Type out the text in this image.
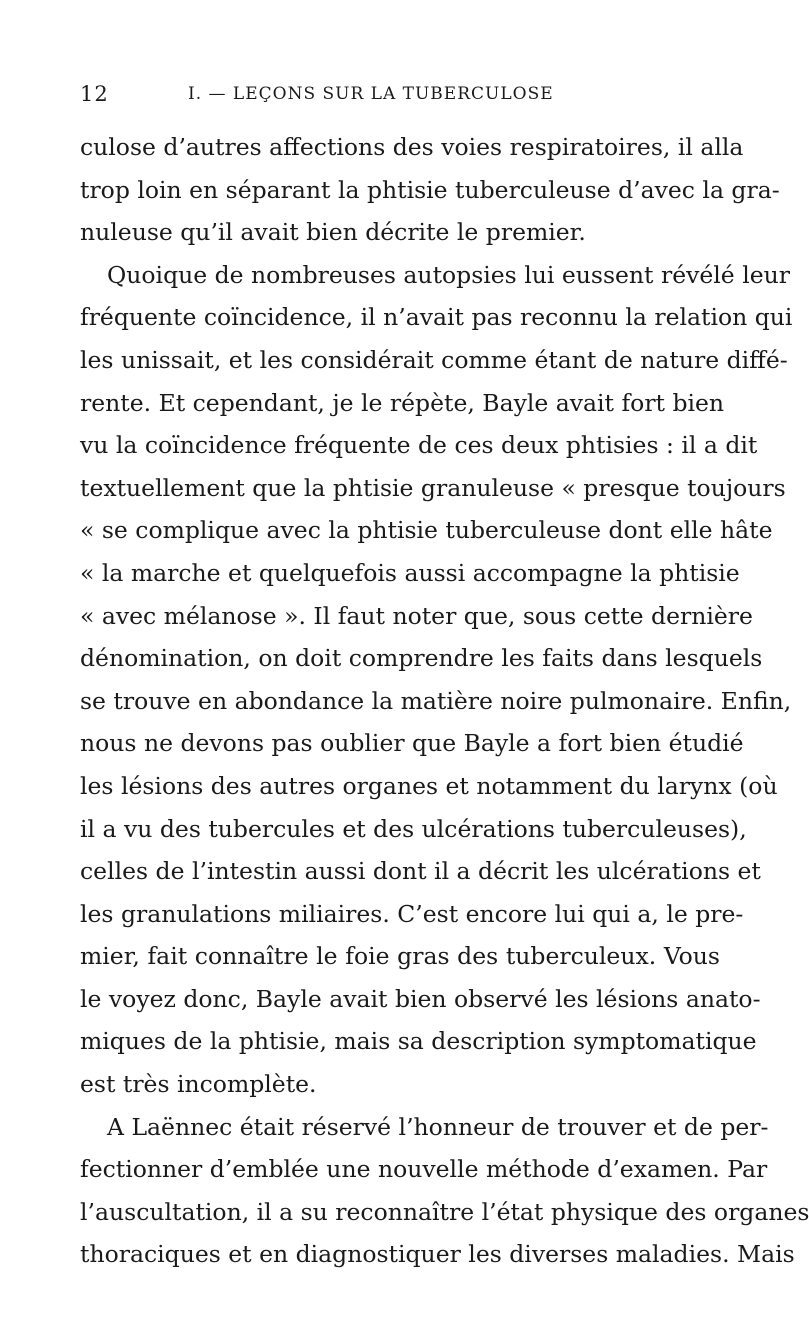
12	I. — LEÇONS SUR LA TUBERCULOSE
culose d’autres affections des voies respiratoires, il alla
trop loin en séparant la phtisie tuberculeuse d’avec la gra-
nuleuse qu’il avait bien décrite le premier.
Quoique de nombreuses autopsies lui eussent révélé leur
fréquente coïncidence, il n’avait pas reconnu la relation qui
les unissait, et les considérait comme étant de nature diffé-
rente. Et cependant, je le répète, Bayle avait fort bien
vu la coïncidence fréquente de ces deux phtisies : il a dit
textuellement que la phtisie granuleuse « presque toujours
« se complique avec la phtisie tuberculeuse dont elle hâte
« la marche et quelquefois aussi accompagne la phtisie
« avec mélanose ». Il faut noter que, sous cette dernière
dénomination, on doit comprendre les faits dans lesquels
se trouve en abondance la matière noire pulmonaire. Enfin,
nous ne devons pas oublier que Bayle a fort bien étudié
les lésions des autres organes et notamment du larynx (où
il a vu des tubercules et des ulcérations tuberculeuses),
celles de l’intestin aussi dont il a décrit les ulcérations et
les granulations miliaires. C’est encore lui qui a, le pre-
mier, fait connaître le foie gras des tuberculeux. Vous
le voyez donc, Bayle avait bien observé les lésions anato-
miques de la phtisie, mais sa description symptomatique
est très incomplète.
A Laënnec était réservé l’honneur de trouver et de per-
fectionner d’emblée une nouvelle méthode d’examen. Par
l’auscultation, il a su reconnaître l’état physique des organes
thoraciques et en diagnostiquer les diverses maladies. Mais
